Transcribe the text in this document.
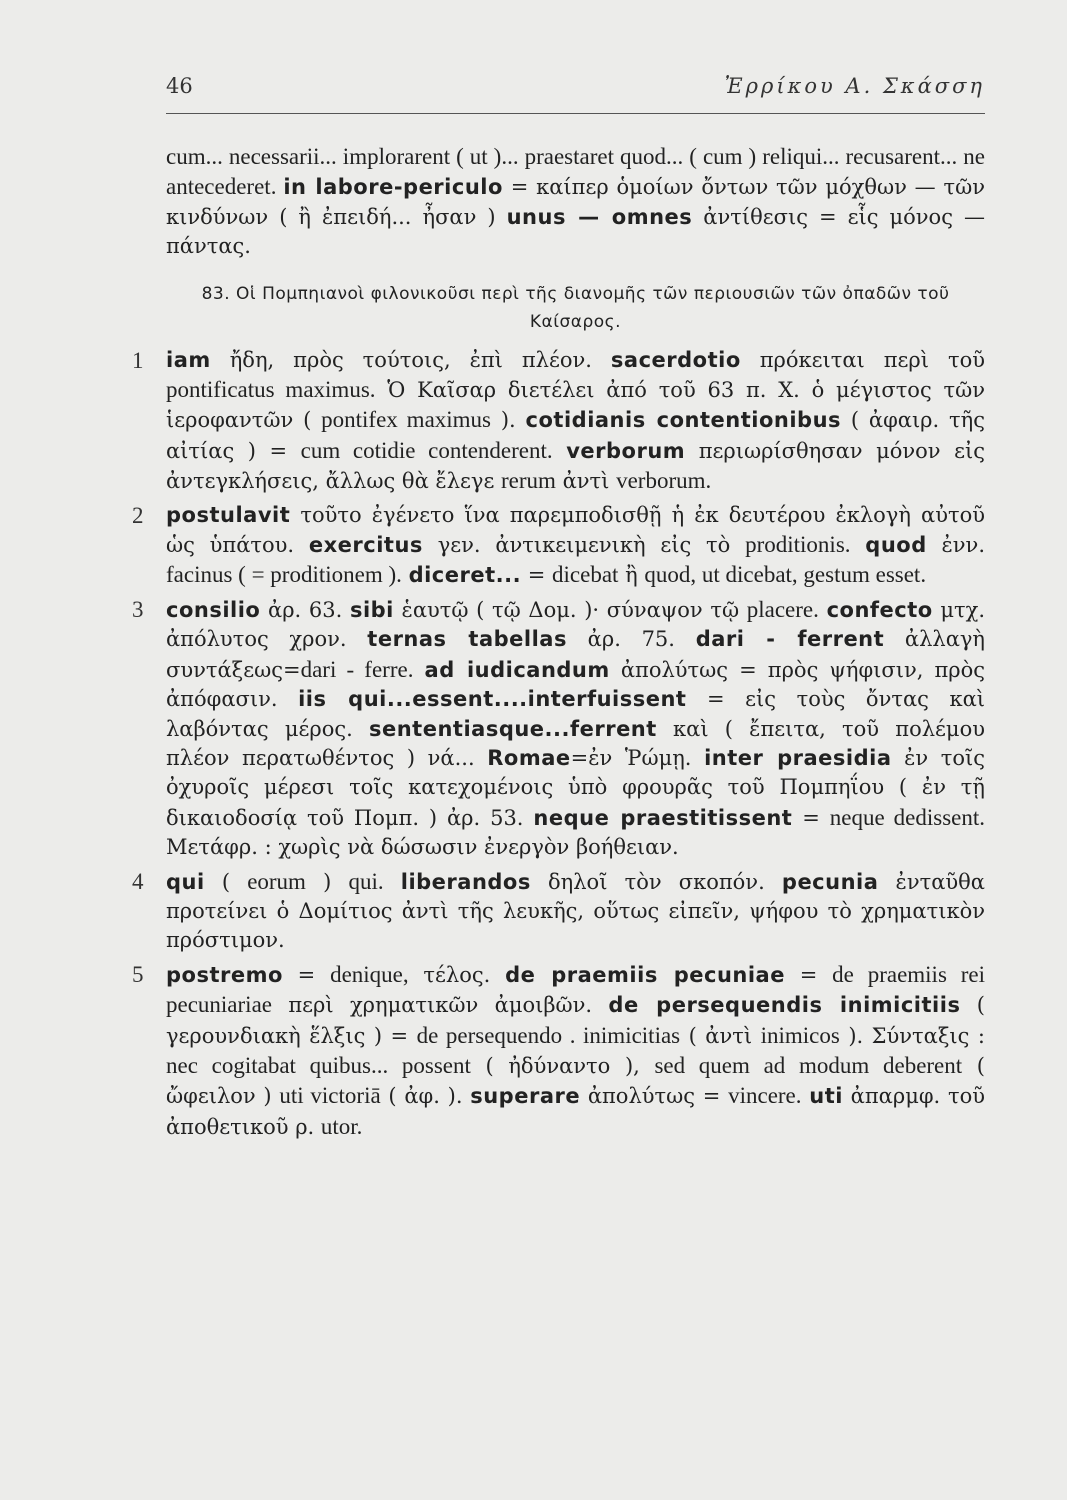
46	Ἐρρίκου Α. Σκάσση

cum... necessarii... implorarent ( ut )... praestaret quod... ( cum ) reliqui... recusarent... ne antecederet. in labore-periculo = καίπερ ὁμοίων ὄντων τῶν μόχθων — τῶν κινδύνων ( ἢ ἐπειδή... ἦσαν ) unus — omnes ἀντίθεσις = εἷς μόνος — πάντας.

83. Οἱ Πομπηιανοὶ φιλονικοῦσι περὶ τῆς διανομῆς τῶν περιουσιῶν τῶν ὀπαδῶν τοῦ Καίσαρος.
1 iam ἤδη, πρὸς τούτοις, ἐπὶ πλέον. sacerdotio πρόκειται περὶ τοῦ pontificatus maximus. Ὁ Καῖσαρ διετέλει ἀπό τοῦ 63 π. Χ. ὁ μέγιστος τῶν ἱεροφαντῶν ( pontifex maximus ). cotidianis contentionibus ( ἀφαιρ. τῆς αἰτίας ) = cum cotidie contenderent. verborum περιωρίσθησαν μόνον εἰς ἀντεγκλήσεις, ἄλλως θὰ ἔλεγε rerum ἀντὶ verborum.

2 postulavit τοῦτο ἐγένετο ἵνα παρεμποδισθῇ ἡ ἐκ δευτέρου ἐκλογὴ αὐτοῦ ὡς ὑπάτου. exercitus γεν. ἀντικειμενικὴ εἰς τὸ proditionis. quod ἐνν. facinus ( = proditionem ). diceret... = dicebat ἢ quod, ut dicebat, gestum esset.

3 consilio ἀρ. 63. sibi ἑαυτῷ ( τῷ Δομ. )· σύναψον τῷ placere. confecto μτχ. ἀπόλυτος χρον. ternas tabellas ἀρ. 75. dari - ferrent ἀλλαγὴ συντάξεως=dari - ferre. ad iudicandum ἀπολύτως = πρὸς ψήφισιν, πρὸς ἀπόφασιν. iis qui...essent....interfuissent = εἰς τοὺς ὄντας καὶ λαβόντας μέρος. sententiasque...ferrent καὶ ( ἔπειτα, τοῦ πολέμου πλέον περατωθέντος ) νά... Romae=ἐν Ῥώμῃ. inter praesidia ἐν τοῖς ὀχυροῖς μέρεσι τοῖς κατεχομένοις ὑπὸ φρουρᾶς τοῦ Πομπηΐου ( ἐν τῇ δικαιοδοσίᾳ τοῦ Πομπ. ) ἀρ. 53. neque praestitissent = neque dedissent. Μετάφρ. : χωρὶς νὰ δώσωσιν ἐνεργὸν βοήθειαν.

4 qui ( eorum ) qui. liberandos δηλοῖ τὸν σκοπόν. pecunia ἐνταῦθα προτείνει ὁ Δομίτιος ἀντὶ τῆς λευκῆς, οὕτως εἰπεῖν, ψήφου τὸ χρηματικὸν πρόστιμον.

5 postremo = denique, τέλος. de praemiis pecuniae = de praemiis rei pecuniariae περὶ χρηματικῶν ἀμοιβῶν. de persequendis inimicitiis ( γερουνδιακὴ ἕλξις ) = de persequendo . inimicitias ( ἀντὶ inimicos ). Σύνταξις : nec cogitabat quibus... possent ( ἠδύναντο ), sed quem ad modum deberent ( ὤφειλον ) uti victoriā ( ἀφ. ). superare ἀπολύτως = vincere. uti ἀπαρμφ. τοῦ ἀποθετικοῦ ρ. utor.
